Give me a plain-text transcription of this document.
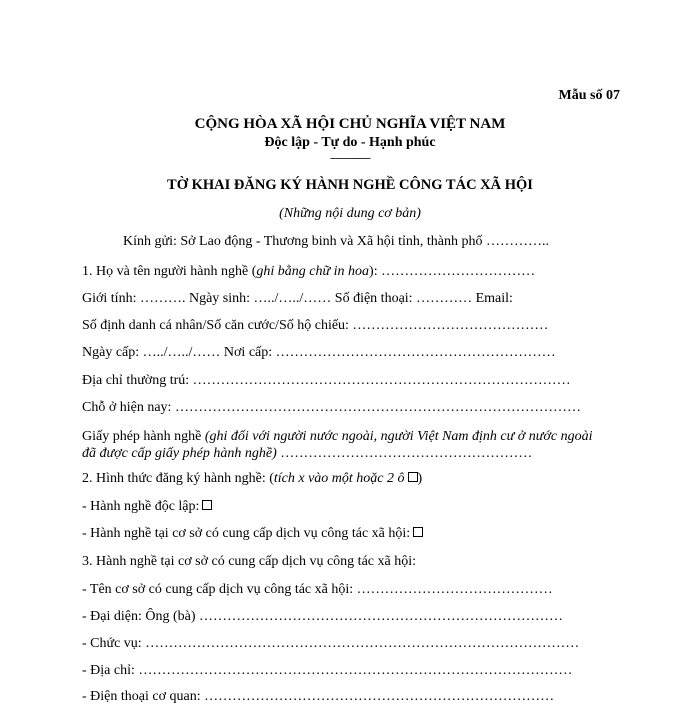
Mẫu số 07
CỘNG HÒA XÃ HỘI CHỦ NGHĨA VIỆT NAM
Độc lập - Tự do - Hạnh phúc
---------------
TỜ KHAI ĐĂNG KÝ HÀNH NGHỀ CÔNG TÁC XÃ HỘI
(Những nội dung cơ bản)
Kính gửi: Sở Lao động - Thương binh và Xã hội tỉnh, thành phố …………..
1. Họ và tên người hành nghề (ghi bằng chữ in hoa): ……………………………
Giới tính: ………. Ngày sinh: …../…../…… Số điện thoại: ………… Email:
Số định danh cá nhân/Số căn cước/Số hộ chiếu: ……………………………………
Ngày cấp: …../…../…… Nơi cấp: ……………………………………………………
Địa chỉ thường trú: ………………………………………………………………………
Chỗ ở hiện nay: ……………………………………………………………………………
Giấy phép hành nghề (ghi đối với người nước ngoài, người Việt Nam định cư ở nước ngoài đã được cấp giấy phép hành nghề) ………………………………………………
2. Hình thức đăng ký hành nghề: (tích x vào một hoặc 2 ô )
- Hành nghề độc lập:
- Hành nghề tại cơ sở có cung cấp dịch vụ công tác xã hội:
3. Hành nghề tại cơ sở có cung cấp dịch vụ công tác xã hội:
- Tên cơ sở có cung cấp dịch vụ công tác xã hội: ……………………………………
- Đại diện: Ông (bà) ……………………………………………………………………
- Chức vụ: …………………………………………………………………………………
- Địa chỉ: …………………………………………………………………………………
- Điện thoại cơ quan: …………………………………………………………………
